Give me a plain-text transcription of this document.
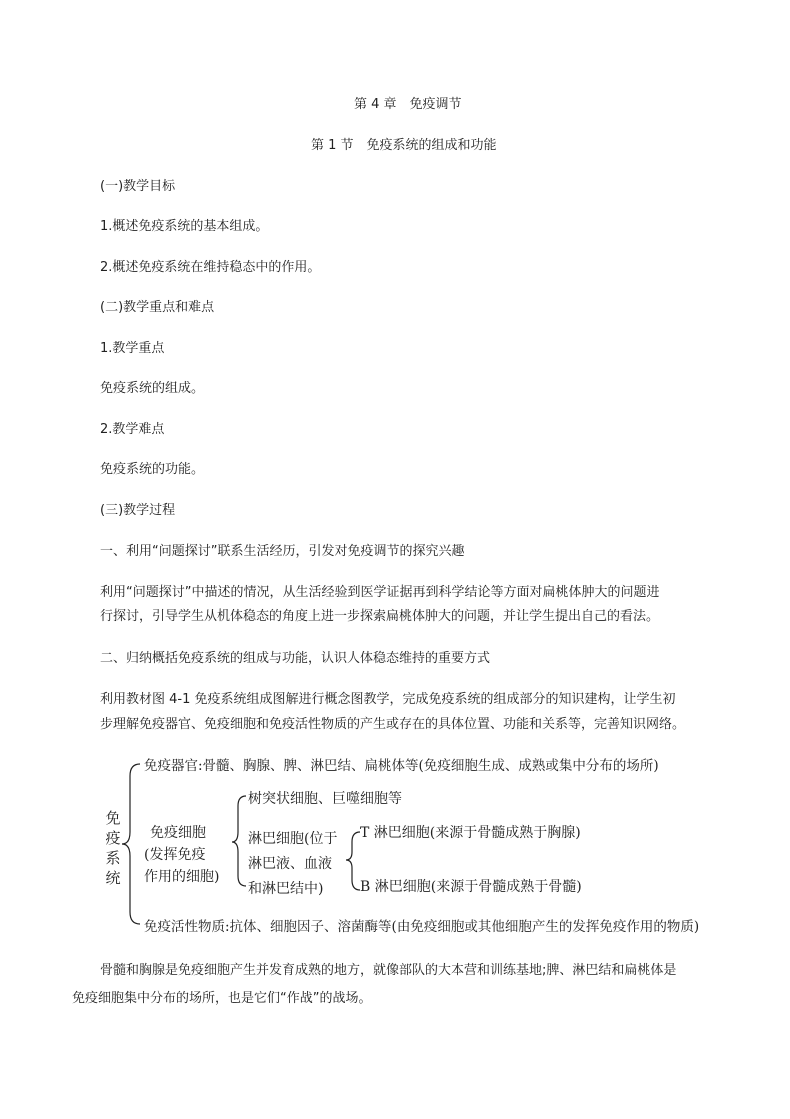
第 4 章　免疫调节
第 1 节　免疫系统的组成和功能
(一)教学目标
1.概述免疫系统的基本组成。
2.概述免疫系统在维持稳态中的作用。
(二)教学重点和难点
1.教学重点
免疫系统的组成。
2.教学难点
免疫系统的功能。
(三)教学过程
一、利用“问题探讨”联系生活经历，引发对免疫调节的探究兴趣
利用“问题探讨”中描述的情况，从生活经验到医学证据再到科学结论等方面对扁桃体肿大的问题进
行探讨，引导学生从机体稳态的角度上进一步探索扁桃体肿大的问题，并让学生提出自己的看法。
二、归纳概括免疫系统的组成与功能，认识人体稳态维持的重要方式
利用教材图 4-1 免疫系统组成图解进行概念图教学，完成免疫系统的组成部分的知识建构，让学生初
步理解免疫器官、免疫细胞和免疫活性物质的产生或存在的具体位置、功能和关系等，完善知识网络。
免
疫
系
统
免疫器官:骨髓、胸腺、脾、淋巴结、扁桃体等(免疫细胞生成、成熟或集中分布的场所)
免疫细胞
(发挥免疫
作用的细胞)
树突状细胞、巨噬细胞等
淋巴细胞(位于
淋巴液、血液
和淋巴结中)
T 淋巴细胞(来源于骨髓成熟于胸腺)
B 淋巴细胞(来源于骨髓成熟于骨髓)
免疫活性物质:抗体、细胞因子、溶菌酶等(由免疫细胞或其他细胞产生的发挥免疫作用的物质)
骨髓和胸腺是免疫细胞产生并发育成熟的地方，就像部队的大本营和训练基地;脾、淋巴结和扁桃体是
免疫细胞集中分布的场所，也是它们“作战”的战场。
